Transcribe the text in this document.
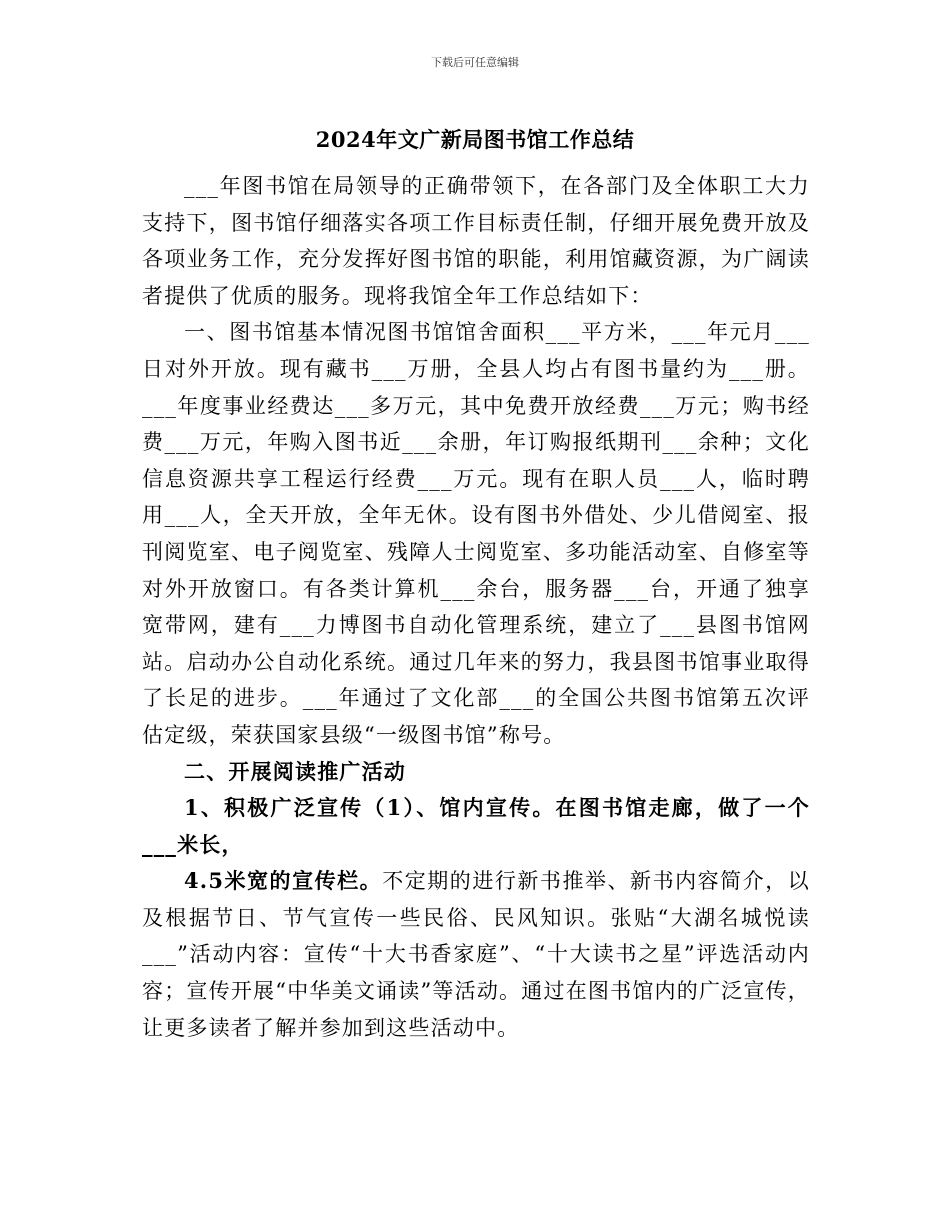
下载后可任意编辑
2024年文广新局图书馆工作总结

___年图书馆在局领导的正确带领下，在各部门及全体职工大力支持下，图书馆仔细落实各项工作目标责任制，仔细开展免费开放及各项业务工作，充分发挥好图书馆的职能，利用馆藏资源，为广阔读者提供了优质的服务。现将我馆全年工作总结如下：

一、图书馆基本情况图书馆馆舍面积___平方米，___年元月___日对外开放。现有藏书___万册，全县人均占有图书量约为___册。___年度事业经费达___多万元，其中免费开放经费___万元；购书经费___万元，年购入图书近___余册，年订购报纸期刊___余种；文化信息资源共享工程运行经费___万元。现有在职人员___人，临时聘用___人，全天开放，全年无休。设有图书外借处、少儿借阅室、报刊阅览室、电子阅览室、残障人士阅览室、多功能活动室、自修室等对外开放窗口。有各类计算机___余台，服务器___台，开通了独享宽带网，建有___力博图书自动化管理系统，建立了___县图书馆网站。启动办公自动化系统。通过几年来的努力，我县图书馆事业取得了长足的进步。___年通过了文化部___的全国公共图书馆第五次评估定级，荣获国家县级“一级图书馆”称号。

二、开展阅读推广活动

1、积极广泛宣传（1）、馆内宣传。在图书馆走廊，做了一个___米长，

4.5米宽的宣传栏。不定期的进行新书推举、新书内容简介，以及根据节日、节气宣传一些民俗、民风知识。张贴“大湖名城悦读___”活动内容：宣传“十大书香家庭”、“十大读书之星”评选活动内容；宣传开展“中华美文诵读”等活动。通过在图书馆内的广泛宣传，让更多读者了解并参加到这些活动中。
